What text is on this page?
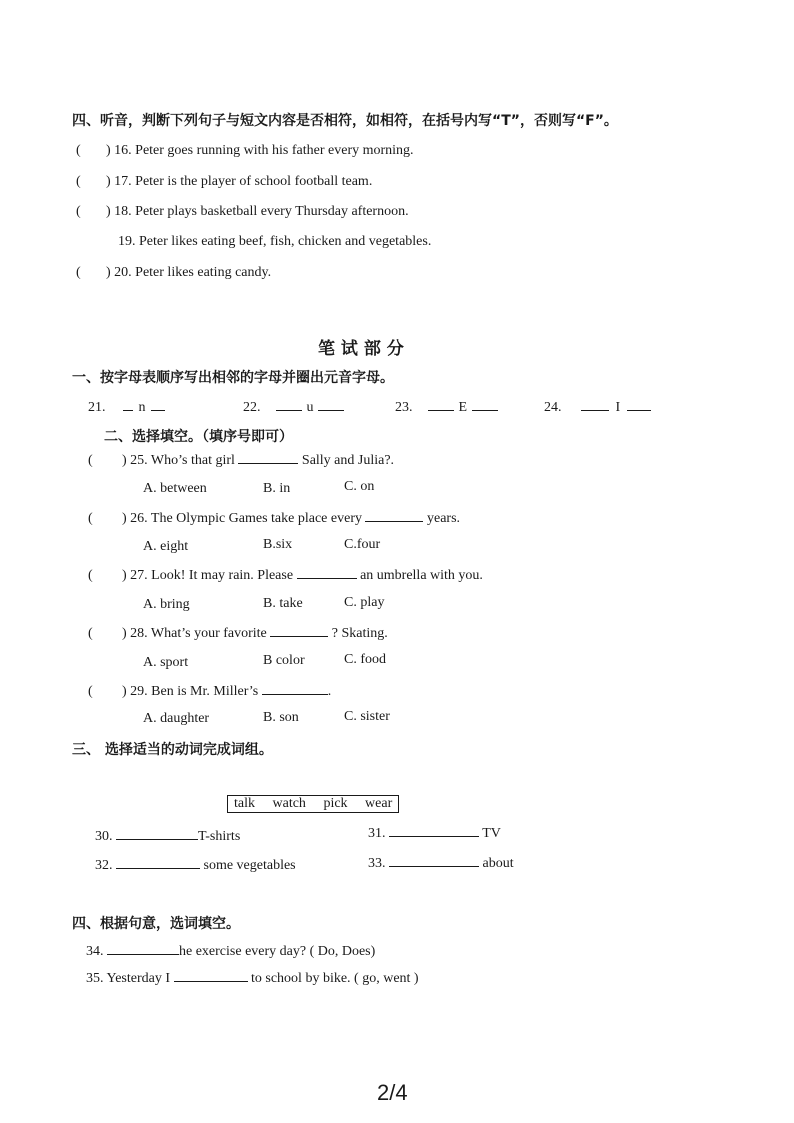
四、听音，判断下列句子与短文内容是否相符，如相符，在括号内写“T”，否则写“F”。
( ) 16. Peter goes running with his father every morning.
( ) 17. Peter is the player of school football team.
( ) 18. Peter plays basketball every Thursday afternoon.
19. Peter likes eating beef, fish, chicken and vegetables.
( ) 20. Peter likes eating candy.
笔 试 部 分
一、按字母表顺序写出相邻的字母并圈出元音字母。
21. n	22.	u	23.	E	24.	I
二、选择填空。（填序号即可）
( ) 25. Who’s that girl	Sally and Julia?.
A. between	B. in	C. on
( ) 26. The Olympic Games take place every	years.
A. eight	B.six	C.four
( ) 27. Look! It may rain. Please	an umbrella with you.
A. bring	B. take	C. play
( ) 28. What’s your favorite	? Skating.
A. sport	B color	C. food
( ) 29. Ben is Mr. Miller’s	.
A. daughter	B. son	C. sister
三、 选择适当的动词完成词组。
talk watch pick wear
30.	T-shirts	31.	TV
32.	some vegetables	33.	about
四、根据句意，选词填空。
34.	he exercise every day? ( Do, Does)
35. Yesterday I	to school by bike. ( go, went )
2/4
